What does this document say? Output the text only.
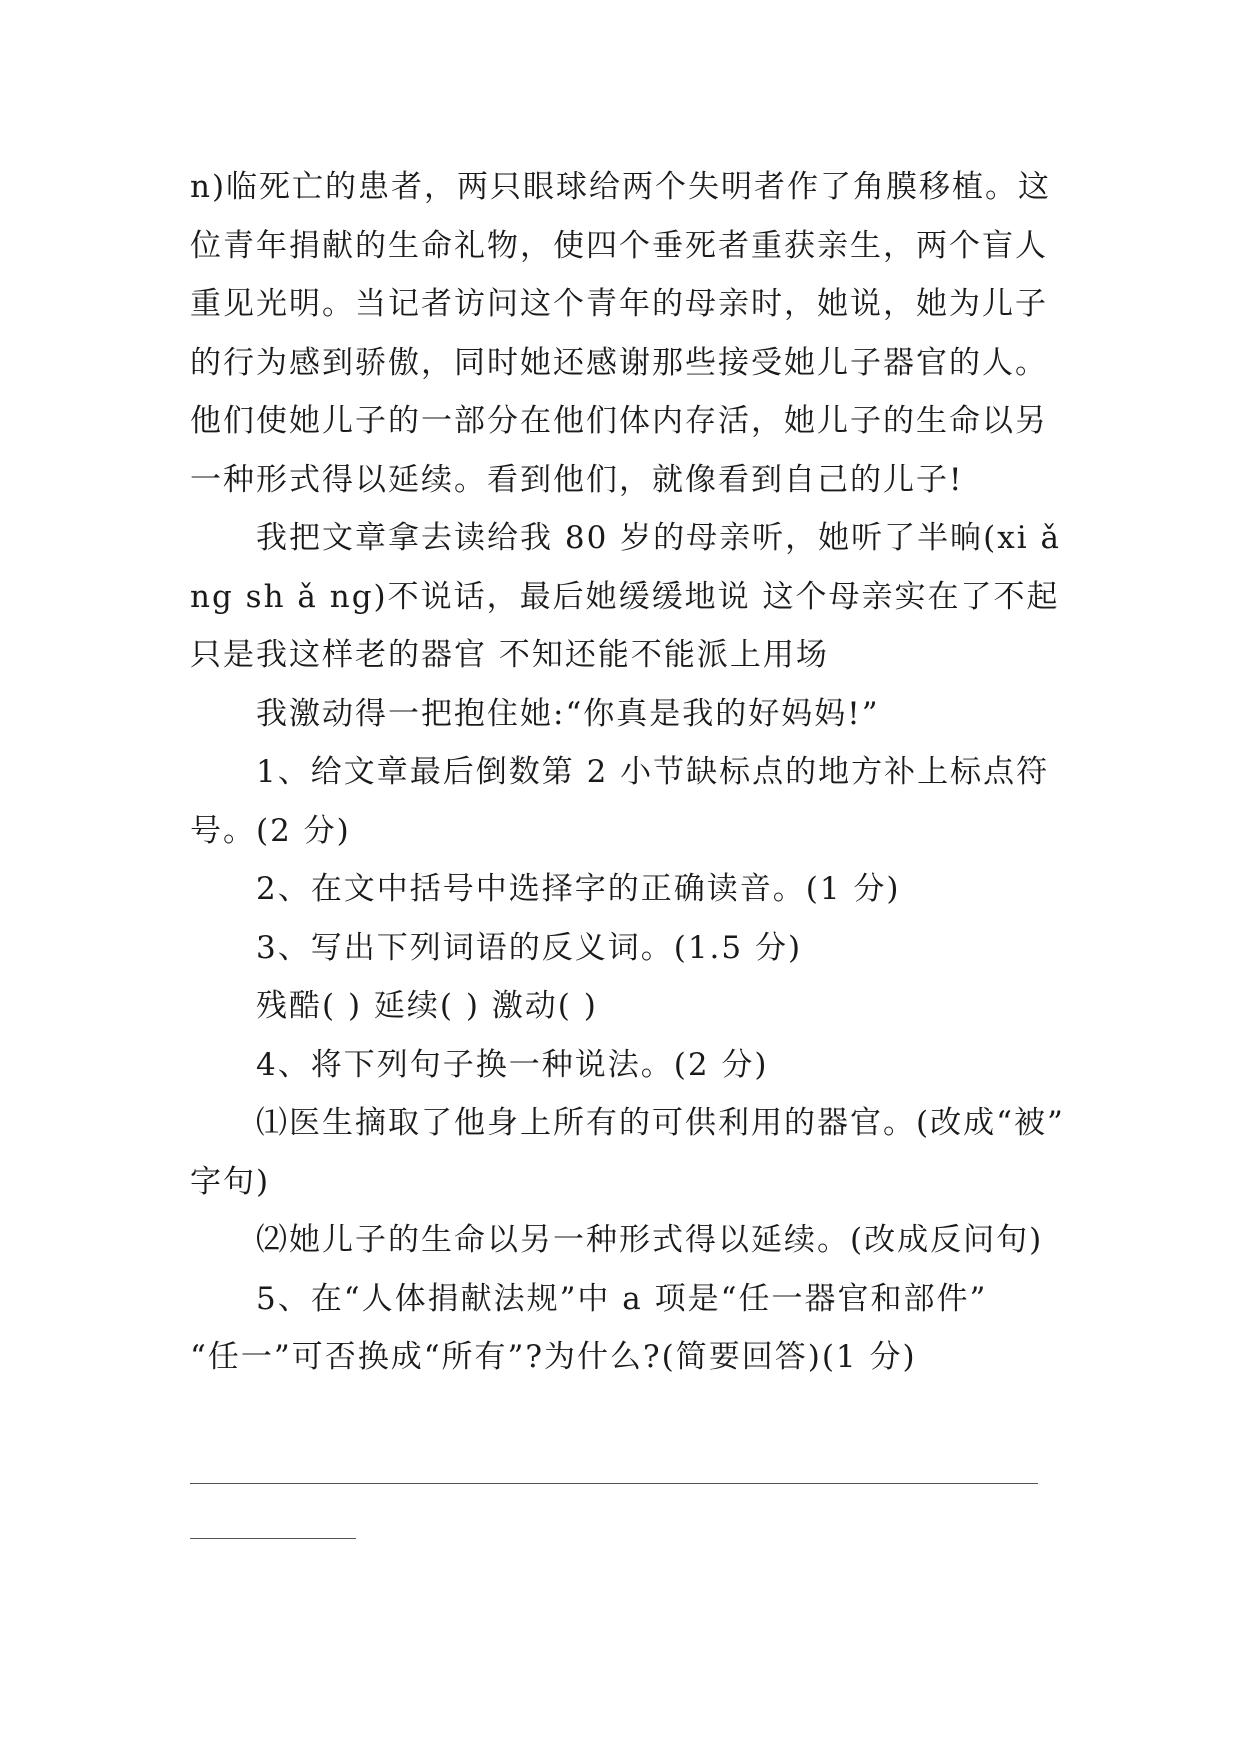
n)临死亡的患者，两只眼球给两个失明者作了角膜移植。这
位青年捐献的生命礼物，使四个垂死者重获亲生，两个盲人
重见光明。当记者访问这个青年的母亲时，她说，她为儿子
的行为感到骄傲，同时她还感谢那些接受她儿子器官的人。
他们使她儿子的一部分在他们体内存活，她儿子的生命以另
一种形式得以延续。看到他们，就像看到自己的儿子!
我把文章拿去读给我 80 岁的母亲听，她听了半晌(xi ǎ
ng sh ǎ ng)不说话，最后她缓缓地说 这个母亲实在了不起
只是我这样老的器官 不知还能不能派上用场
我激动得一把抱住她:“你真是我的好妈妈!”
1、给文章最后倒数第 2 小节缺标点的地方补上标点符
号。(2 分)
2、在文中括号中选择字的正确读音。(1 分)
3、写出下列词语的反义词。(1.5 分)
残酷( ) 延续( ) 激动( )
4、将下列句子换一种说法。(2 分)
⑴医生摘取了他身上所有的可供利用的器官。(改成“被”
字句)
⑵她儿子的生命以另一种形式得以延续。(改成反问句)
5、在“人体捐献法规”中 a 项是“任一器官和部件”
“任一”可否换成“所有”?为什么?(简要回答)(1 分)
